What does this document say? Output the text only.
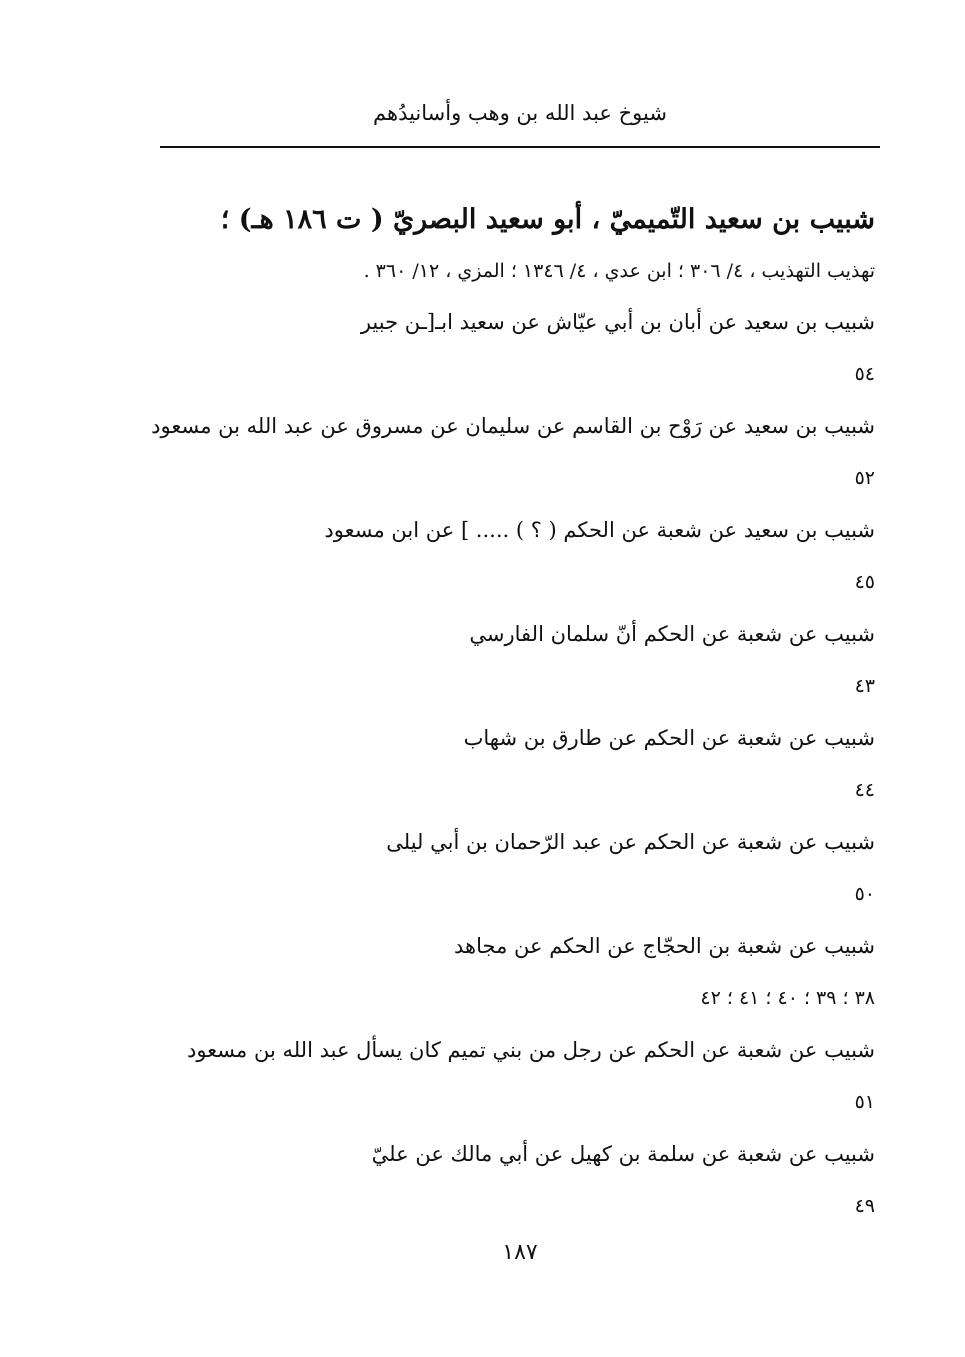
شيوخ عبد الله بن وهب وأسانيدُهم
شبيب بن سعيد التّميميّ ، أبو سعيد البصريّ ( ت ١٨٦ هـ) ؛
تهذيب التهذيب ، ٤/ ٣٠٦ ؛ ابن عدي ، ٤/ ١٣٤٦ ؛ المزي ، ١٢/ ٣٦٠ .
شبيب بن سعيد عن أبان بن أبي عيّاش عن سعيد ابـ[ـن جبير
٥٤
شبيب بن سعيد عن رَوْح بن القاسم عن سليمان عن مسروق عن عبد الله بن مسعود
٥٢
شبيب بن سعيد عن شعبة عن الحكم ( ؟ ) ..... ] عن ابن مسعود
٤٥
شبيب عن شعبة عن الحكم أنّ سلمان الفارسي
٤٣
شبيب عن شعبة عن الحكم عن طارق بن شهاب
٤٤
شبيب عن شعبة عن الحكم عن عبد الرّحمان بن أبي ليلى
٥٠
شبيب عن شعبة بن الحجّاج عن الحكم عن مجاهد
٣٨ ؛ ٣٩ ؛ ٤٠ ؛ ٤١ ؛ ٤٢
شبيب عن شعبة عن الحكم عن رجل من بني تميم كان يسأل عبد الله بن مسعود
٥١
شبيب عن شعبة عن سلمة بن كهيل عن أبي مالك عن عليّ
٤٩
١٨٧
